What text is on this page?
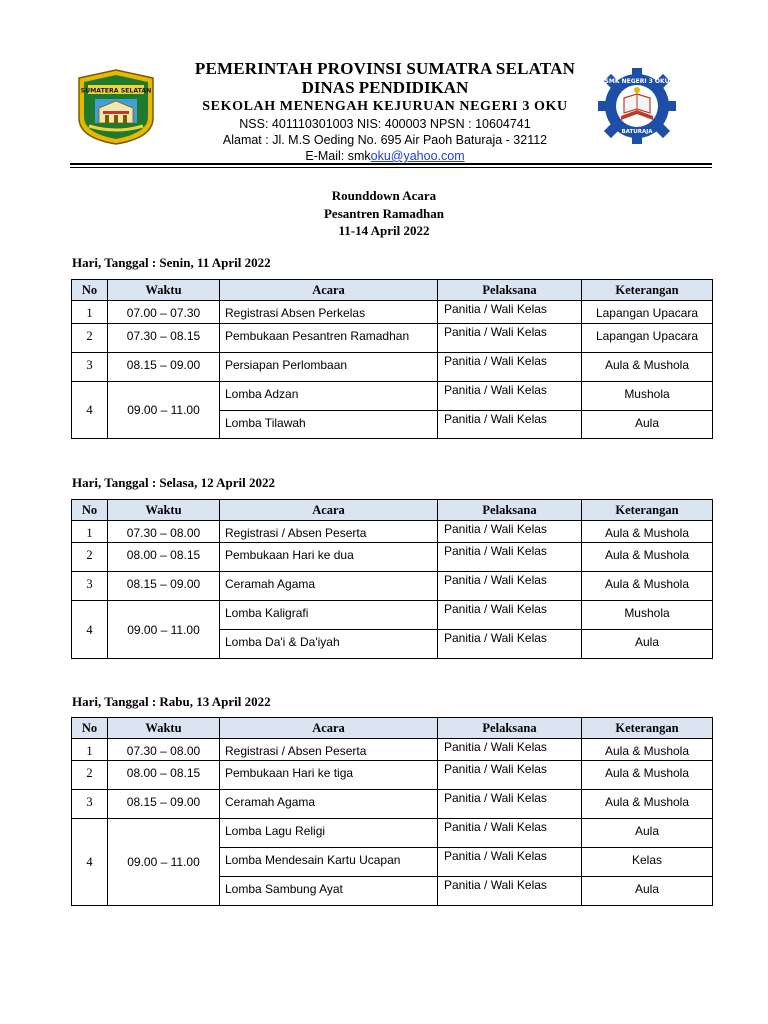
SUMATERA SELATAN
PEMERINTAH PROVINSI SUMATRA SELATAN
DINAS PENDIDIKAN
SEKOLAH MENENGAH KEJURUAN NEGERI 3 OKU
NSS: 401110301003 NIS: 400003 NPSN : 10604741
Alamat : Jl. M.S Oeding No. 695 Air Paoh Baturaja - 32112
E-Mail: smkoku@yahoo.com
SMK NEGERI 3 OKU
BATURAJA
Rounddown Acara
Pesantren Ramadhan
11-14 April 2022
Hari, Tanggal : Senin, 11 April 2022
No	Waktu	Acara	Pelaksana	Keterangan
1	07.00 – 07.30	Registrasi Absen Perkelas	Panitia / Wali Kelas	Lapangan Upacara
2	07.30 – 08.15	Pembukaan Pesantren Ramadhan	Panitia / Wali Kelas	Lapangan Upacara
3	08.15 – 09.00	Persiapan Perlombaan	Panitia / Wali Kelas	Aula & Mushola
4	09.00 – 11.00	Lomba Adzan	Panitia / Wali Kelas	Mushola
		Lomba Tilawah	Panitia / Wali Kelas	Aula
Hari, Tanggal : Selasa, 12 April 2022
No	Waktu	Acara	Pelaksana	Keterangan
1	07.30 – 08.00	Registrasi / Absen Peserta	Panitia / Wali Kelas	Aula & Mushola
2	08.00 – 08.15	Pembukaan Hari ke dua	Panitia / Wali Kelas	Aula & Mushola
3	08.15 – 09.00	Ceramah Agama	Panitia / Wali Kelas	Aula & Mushola
4	09.00 – 11.00	Lomba Kaligrafi	Panitia / Wali Kelas	Mushola
		Lomba Da'i & Da'iyah	Panitia / Wali Kelas	Aula
Hari, Tanggal : Rabu, 13 April 2022
No	Waktu	Acara	Pelaksana	Keterangan
1	07.30 – 08.00	Registrasi / Absen Peserta	Panitia / Wali Kelas	Aula & Mushola
2	08.00 – 08.15	Pembukaan Hari ke tiga	Panitia / Wali Kelas	Aula & Mushola
3	08.15 – 09.00	Ceramah Agama	Panitia / Wali Kelas	Aula & Mushola
4	09.00 – 11.00	Lomba Lagu Religi	Panitia / Wali Kelas	Aula
		Lomba Mendesain Kartu Ucapan	Panitia / Wali Kelas	Kelas
		Lomba Sambung Ayat	Panitia / Wali Kelas	Aula
